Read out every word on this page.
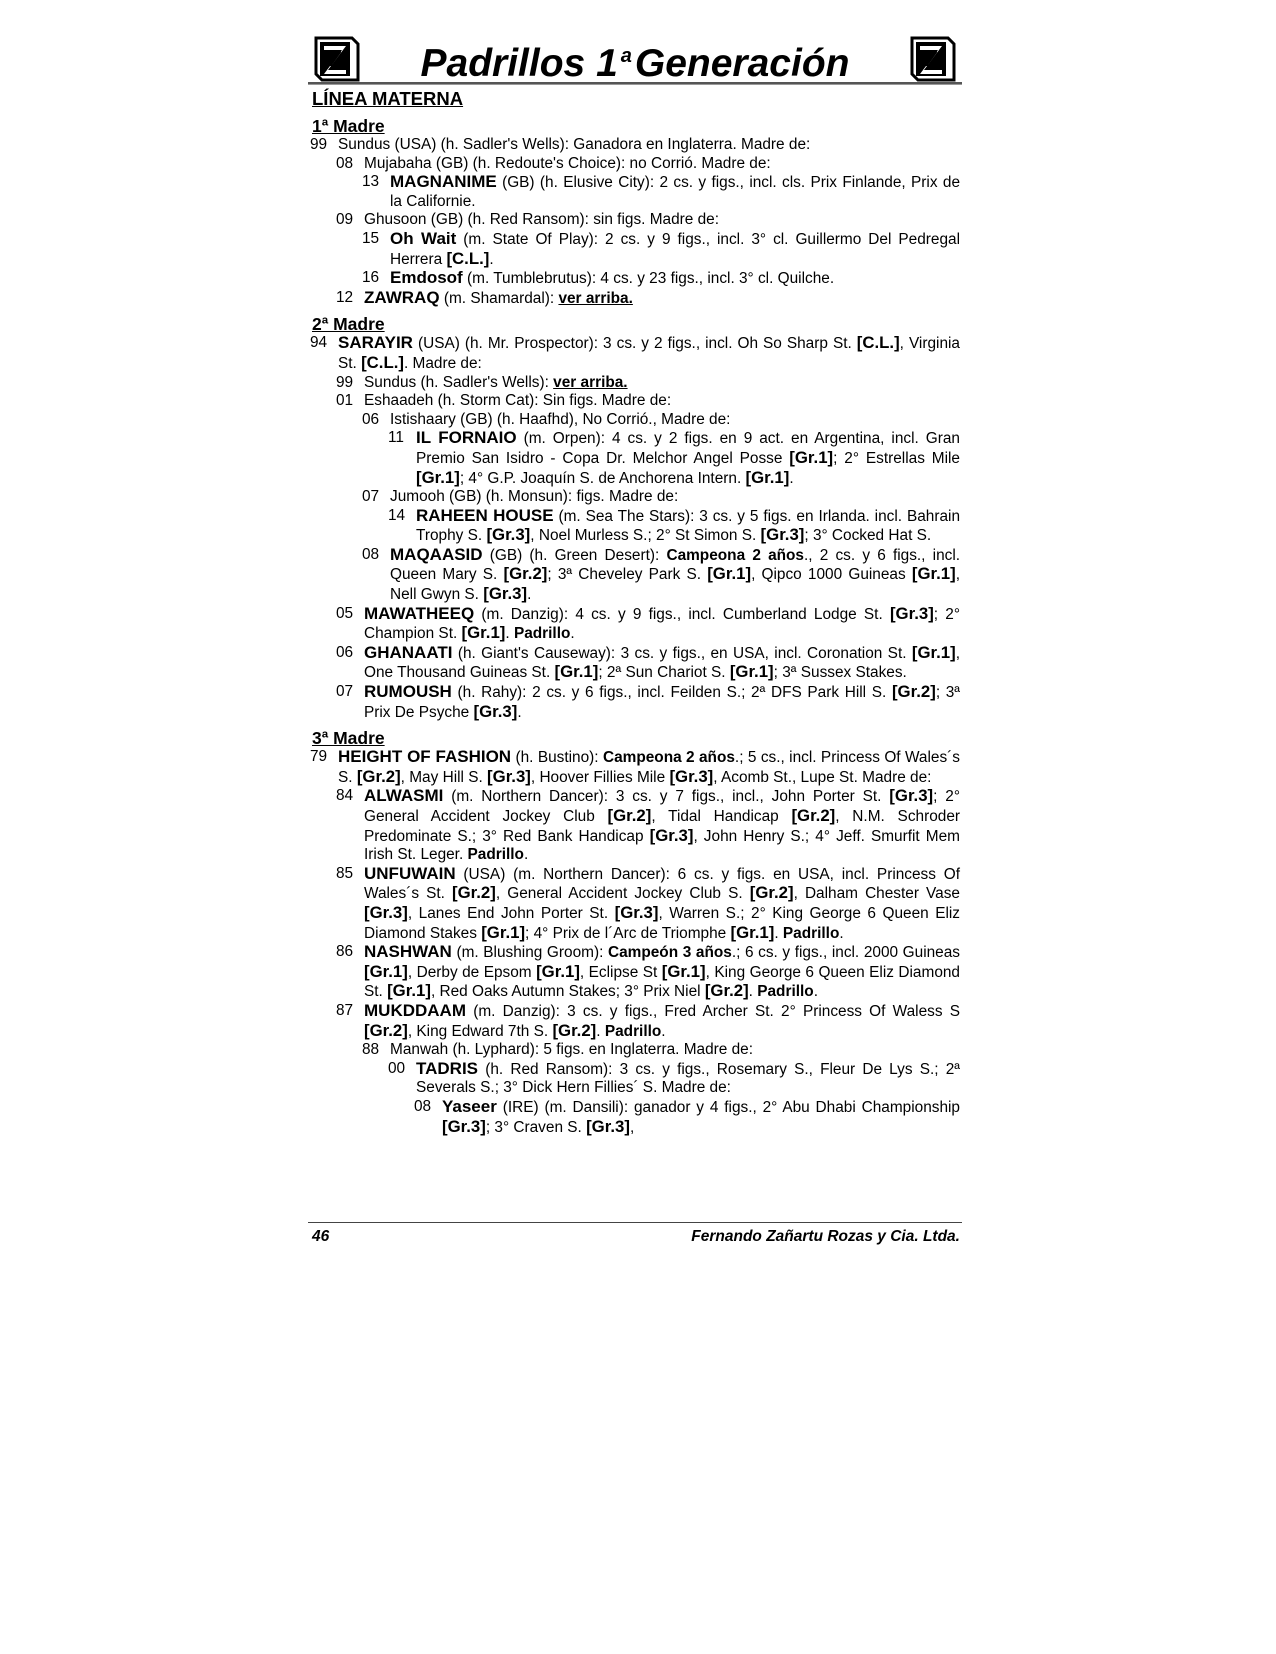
Z	Padrillos 1 $^a$Generación	Z
LÍNEA MATERNA
1ª Madre
99 Sundus (USA) (h. Sadler's Wells): Ganadora en Inglaterra. Madre de:
08 Mujabaha (GB) (h. Redoute's Choice): no Corrió. Madre de:
13 MAGNANIME (GB) (h. Elusive City): 2 cs. y figs., incl. cls. Prix Finlande, Prix de la Californie.
09 Ghusoon (GB) (h. Red Ransom): sin figs. Madre de:
15 Oh Wait (m. State Of Play): 2 cs. y 9 figs., incl. 3° cl. Guillermo Del Pedregal Herrera [C.L.].
16 Emdosof (m. Tumblebrutus): 4 cs. y 23 figs., incl. 3° cl. Quilche.
12 ZAWRAQ (m. Shamardal): ver arriba.
2ª Madre
94 SARAYIR (USA) (h. Mr. Prospector): 3 cs. y 2 figs., incl. Oh So Sharp St. [C.L.], Virginia St. [C.L.]. Madre de:
99 Sundus (h. Sadler's Wells): ver arriba.
01 Eshaadeh (h. Storm Cat): Sin figs. Madre de:
06 Istishaary (GB) (h. Haafhd), No Corrió., Madre de:
11 IL FORNAIO (m. Orpen): 4 cs. y 2 figs. en 9 act. en Argentina, incl. Gran Premio San Isidro - Copa Dr. Melchor Angel Posse [Gr.1]; 2° Estrellas Mile [Gr.1]; 4° G.P. Joaquín S. de Anchorena Intern. [Gr.1].
07 Jumooh (GB) (h. Monsun): figs. Madre de:
14 RAHEEN HOUSE (m. Sea The Stars): 3 cs. y 5 figs. en Irlanda. incl. Bahrain Trophy S. [Gr.3], Noel Murless S.; 2° St Simon S. [Gr.3]; 3° Cocked Hat S.
08 MAQAASID (GB) (h. Green Desert): Campeona 2 años., 2 cs. y 6 figs., incl. Queen Mary S. [Gr.2]; 3ª Cheveley Park S. [Gr.1], Qipco 1000 Guineas [Gr.1], Nell Gwyn S. [Gr.3].
05 MAWATHEEQ (m. Danzig): 4 cs. y 9 figs., incl. Cumberland Lodge St. [Gr.3]; 2° Champion St. [Gr.1]. Padrillo.
06 GHANAATI (h. Giant's Causeway): 3 cs. y figs., en USA, incl. Coronation St. [Gr.1], One Thousand Guineas St. [Gr.1]; 2ª Sun Chariot S. [Gr.1]; 3ª Sussex Stakes.
07 RUMOUSH (h. Rahy): 2 cs. y 6 figs., incl. Feilden S.; 2ª DFS Park Hill S. [Gr.2]; 3ª Prix De Psyche [Gr.3].
3ª Madre
79 HEIGHT OF FASHION (h. Bustino): Campeona 2 años.; 5 cs., incl. Princess Of Wales´s S. [Gr.2], May Hill S. [Gr.3], Hoover Fillies Mile [Gr.3], Acomb St., Lupe St. Madre de:
84 ALWASMI (m. Northern Dancer): 3 cs. y 7 figs., incl., John Porter St. [Gr.3]; 2° General Accident Jockey Club [Gr.2], Tidal Handicap [Gr.2], N.M. Schroder Predominate S.; 3° Red Bank Handicap [Gr.3], John Henry S.; 4° Jeff. Smurfit Mem Irish St. Leger. Padrillo.
85 UNFUWAIN (USA) (m. Northern Dancer): 6 cs. y figs. en USA, incl. Princess Of Wales´s St. [Gr.2], General Accident Jockey Club S. [Gr.2], Dalham Chester Vase [Gr.3], Lanes End John Porter St. [Gr.3], Warren S.; 2° King George 6 Queen Eliz Diamond Stakes [Gr.1]; 4° Prix de l´Arc de Triomphe [Gr.1]. Padrillo.
86 NASHWAN (m. Blushing Groom): Campeón 3 años.; 6 cs. y figs., incl. 2000 Guineas [Gr.1], Derby de Epsom [Gr.1], Eclipse St [Gr.1], King George 6 Queen Eliz Diamond St. [Gr.1], Red Oaks Autumn Stakes; 3° Prix Niel [Gr.2]. Padrillo.
87 MUKDDAAM (m. Danzig): 3 cs. y figs., Fred Archer St. 2° Princess Of Waless S [Gr.2], King Edward 7th S. [Gr.2]. Padrillo.
88 Manwah (h. Lyphard): 5 figs. en Inglaterra. Madre de:
00 TADRIS (h. Red Ransom): 3 cs. y figs., Rosemary S., Fleur De Lys S.; 2ª Severals S.; 3° Dick Hern Fillies´ S. Madre de:
08 Yaseer (IRE) (m. Dansili): ganador y 4 figs., 2° Abu Dhabi Championship [Gr.3]; 3° Craven S. [Gr.3],
46	Fernando Zañartu Rozas y Cia. Ltda.
